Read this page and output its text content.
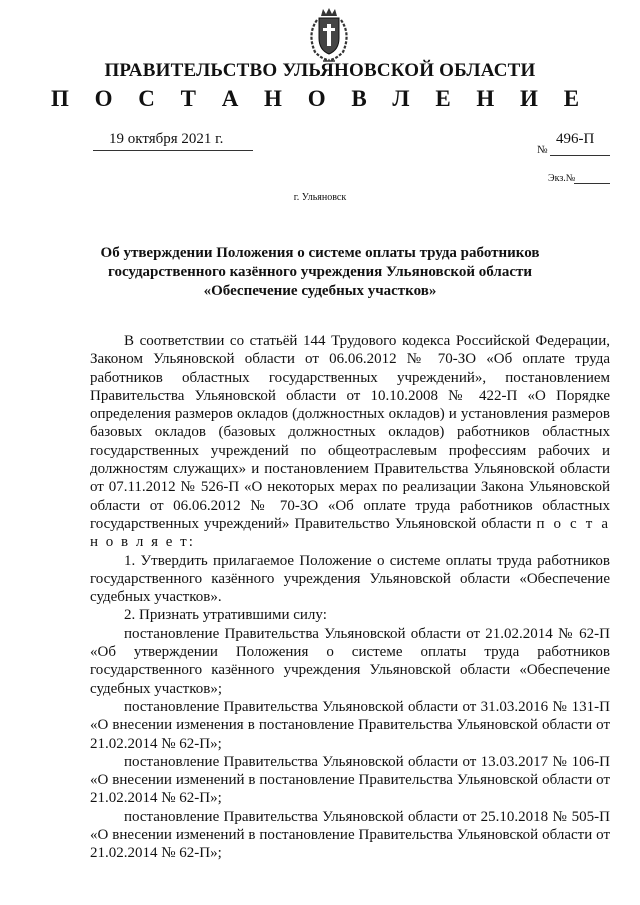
ПРАВИТЕЛЬСТВО УЛЬЯНОВСКОЙ ОБЛАСТИ
П О С Т А Н О В Л Е Н И Е
19 октября 2021 г.
№
496-П
Экз.№
г. Ульяновск
Об утверждении Положения о системе оплаты труда работников
государственного казённого учреждения Ульяновской области
«Обеспечение судебных участков»

В соответствии со статьёй 144 Трудового кодекса Российской Федерации, Законом Ульяновской области от 06.06.2012 № 70-ЗО «Об оплате труда работников областных государственных учреждений», постановлением Правительства Ульяновской области от 10.10.2008 № 422-П «О Порядке определения размеров окладов (должностных окладов) и установления размеров базовых окладов (базовых должностных окладов) работников областных государственных учреждений по общеотраслевым профессиям рабочих и должностям служащих» и постановлением Правительства Ульяновской области от 07.11.2012 № 526-П «О некоторых мерах по реализации Закона Ульяновской области от 06.06.2012 № 70-ЗО «Об оплате труда работников областных государственных учреждений» Правительство Ульяновской области п о с т а н о в л я е т:

1. Утвердить прилагаемое Положение о системе оплаты труда работников государственного казённого учреждения Ульяновской области «Обеспечение судебных участков».

2. Признать утратившими силу:

постановление Правительства Ульяновской области от 21.02.2014 № 62-П «Об утверждении Положения о системе оплаты труда работников государственного казённого учреждения Ульяновской области «Обеспечение судебных участков»;

постановление Правительства Ульяновской области от 31.03.2016 № 131-П «О внесении изменения в постановление Правительства Ульяновской области от 21.02.2014 № 62-П»;

постановление Правительства Ульяновской области от 13.03.2017 № 106-П «О внесении изменений в постановление Правительства Ульяновской области от 21.02.2014 № 62-П»;

постановление Правительства Ульяновской области от 25.10.2018 № 505-П «О внесении изменений в постановление Правительства Ульяновской области от 21.02.2014 № 62-П»;
